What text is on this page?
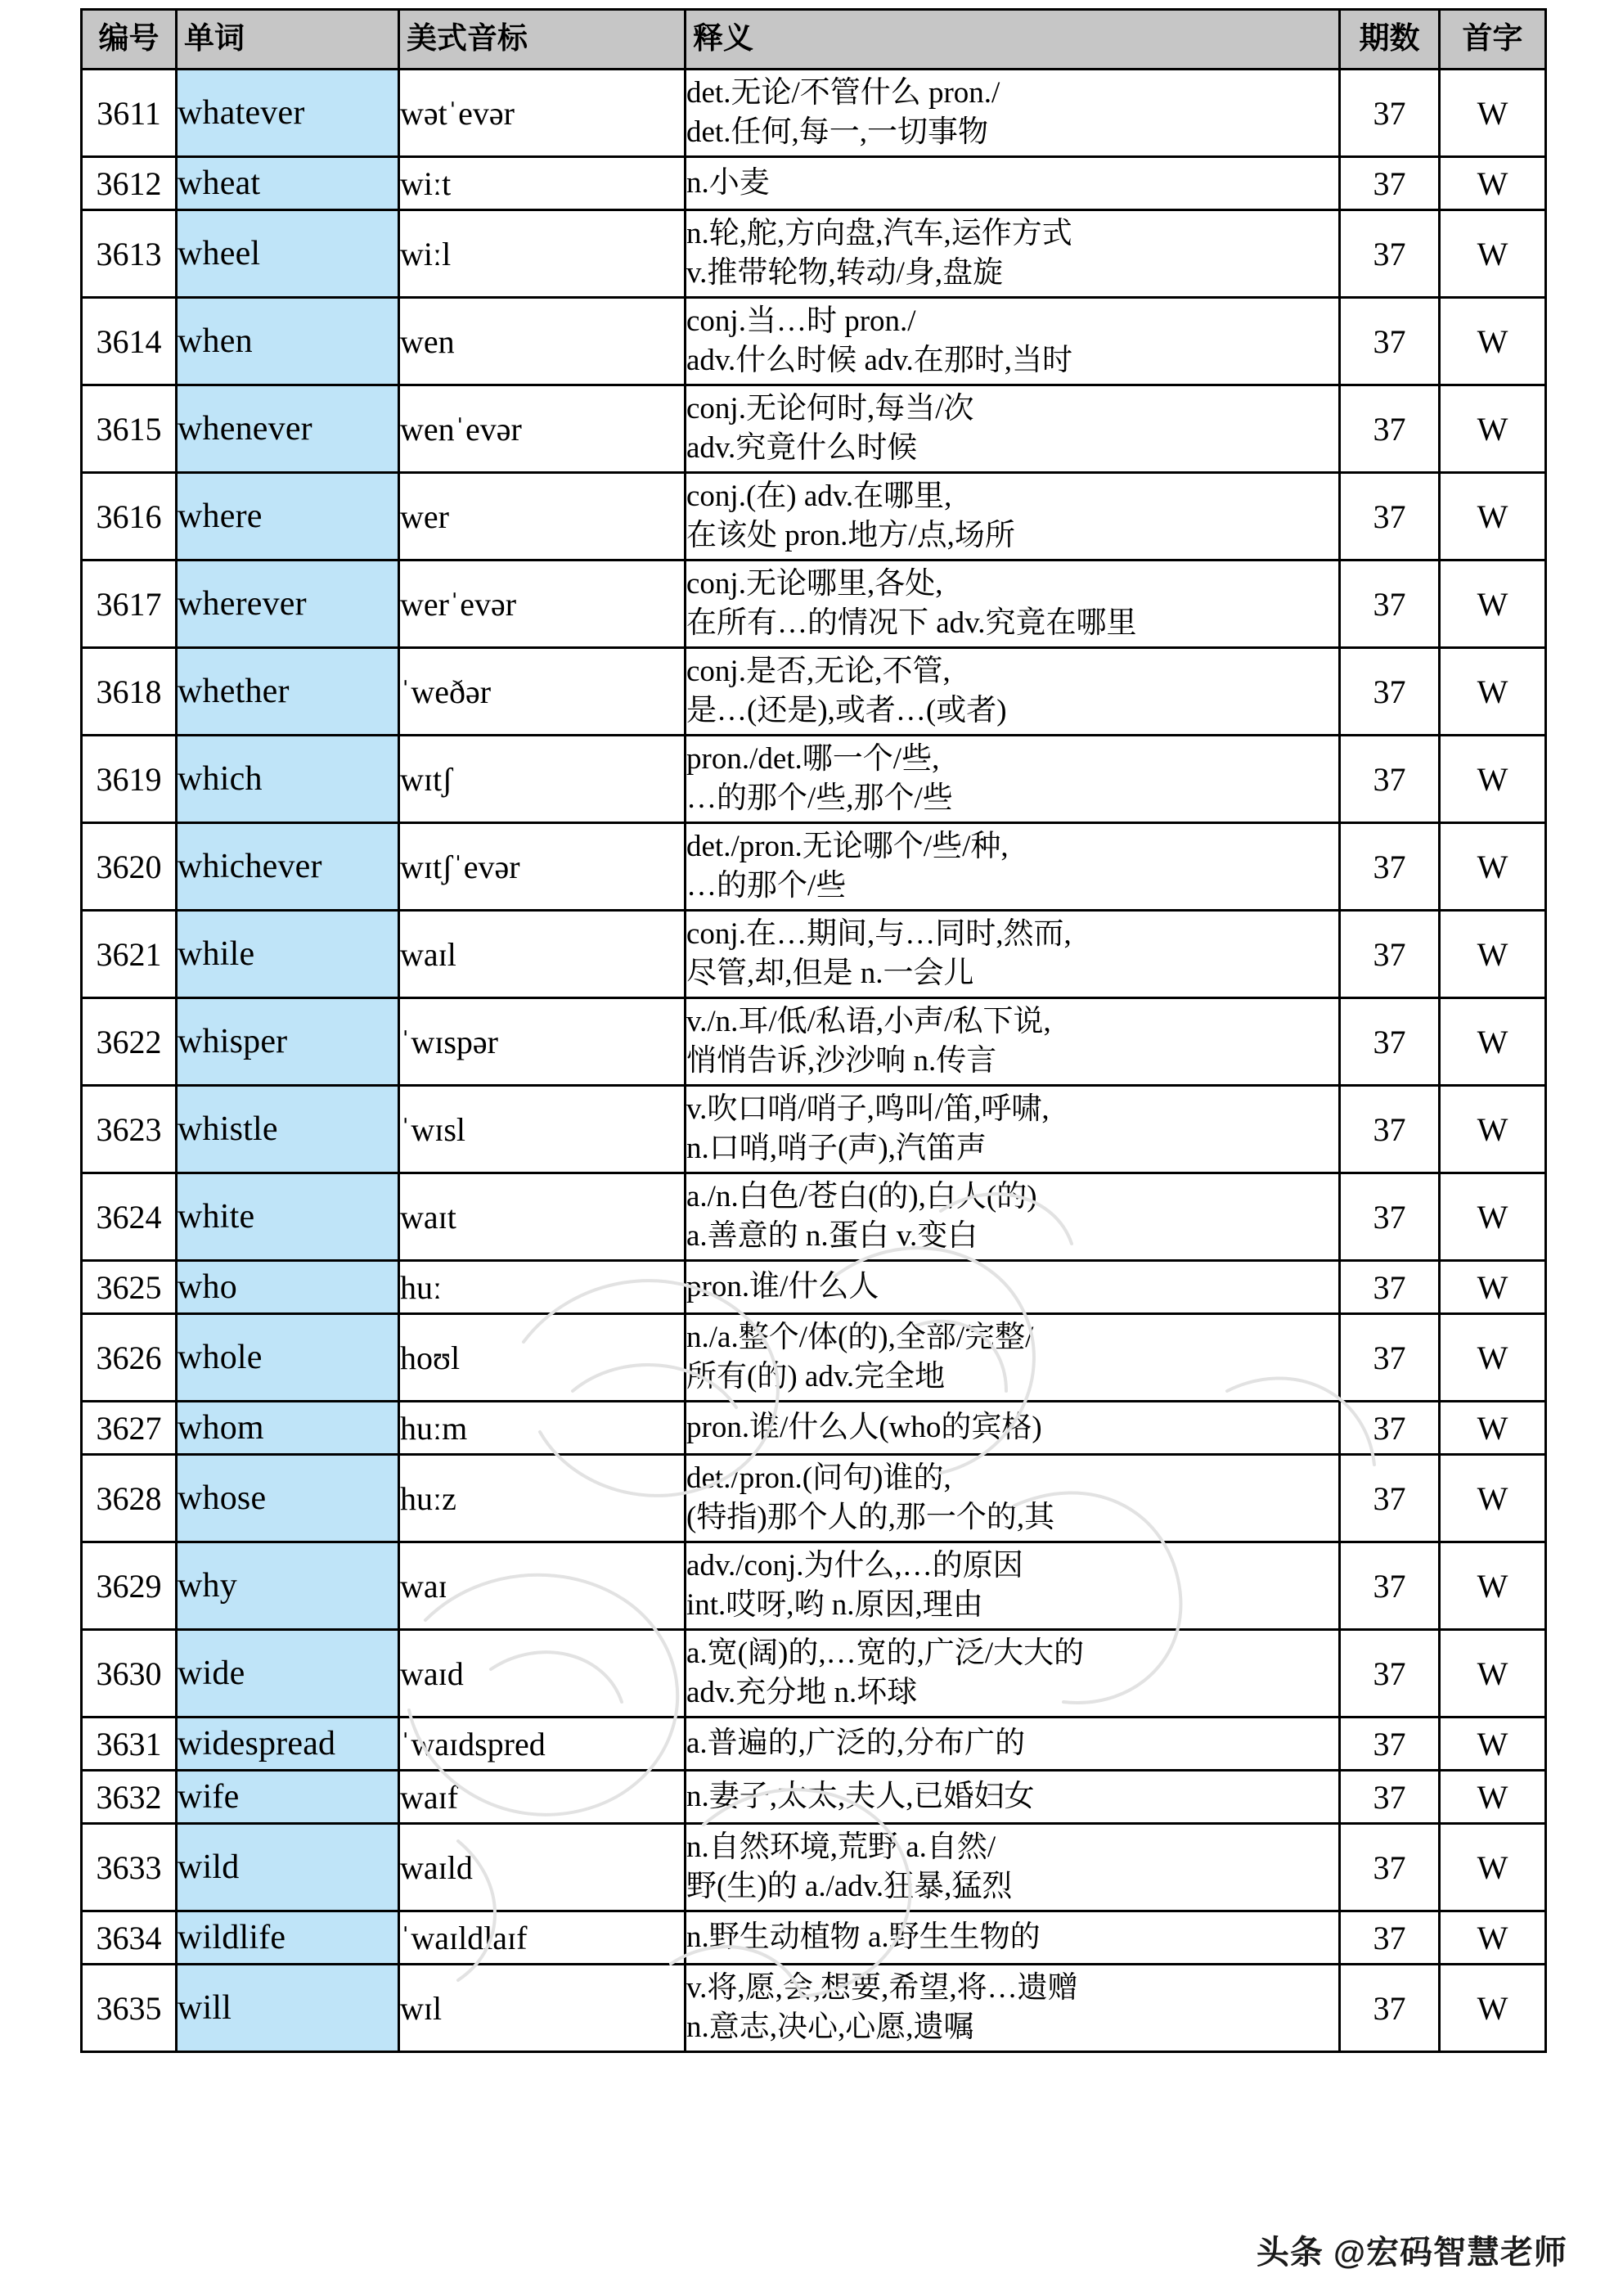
编号	单词	美式音标	释义	期数	首字
3611	whatever	wətˈevər	det.无论/不管什么 pron./
det.任何,每一,一切事物	37	W
3612	wheat	wiːt	n.小麦	37	W
3613	wheel	wiːl	n.轮,舵,方向盘,汽车,运作方式
v.推带轮物,转动/身,盘旋	37	W
3614	when	wen	conj.当…时 pron./
adv.什么时候 adv.在那时,当时	37	W
3615	whenever	wenˈevər	conj.无论何时,每当/次
adv.究竟什么时候	37	W
3616	where	wer	conj.(在) adv.在哪里,
在该处 pron.地方/点,场所	37	W
3617	wherever	werˈevər	conj.无论哪里,各处,
在所有…的情况下 adv.究竟在哪里	37	W
3618	whether	ˈweðər	conj.是否,无论,不管,
是…(还是),或者…(或者)	37	W
3619	which	wɪtʃ	pron./det.哪一个/些,
…的那个/些,那个/些	37	W
3620	whichever	wɪtʃˈevər	det./pron.无论哪个/些/种,
…的那个/些	37	W
3621	while	waɪl	conj.在…期间,与…同时,然而,
尽管,却,但是 n.一会儿	37	W
3622	whisper	ˈwɪspər	v./n.耳/低/私语,小声/私下说,
悄悄告诉,沙沙响 n.传言	37	W
3623	whistle	ˈwɪsl	v.吹口哨/哨子,鸣叫/笛,呼啸,
n.口哨,哨子(声),汽笛声	37	W
3624	white	waɪt	a./n.白色/苍白(的),白人(的)
a.善意的 n.蛋白 v.变白	37	W
3625	who	huː	pron.谁/什么人	37	W
3626	whole	hoʊl	n./a.整个/体(的),全部/完整/
所有(的) adv.完全地	37	W
3627	whom	huːm	pron.谁/什么人(who的宾格)	37	W
3628	whose	huːz	det./pron.(问句)谁的,
(特指)那个人的,那一个的,其	37	W
3629	why	waɪ	adv./conj.为什么,…的原因
int.哎呀,哟 n.原因,理由	37	W
3630	wide	waɪd	a.宽(阔)的,…宽的,广泛/大大的
adv.充分地 n.坏球	37	W
3631	widespread	ˈwaɪdspred	a.普遍的,广泛的,分布广的	37	W
3632	wife	waɪf	n.妻子,太太,夫人,已婚妇女	37	W
3633	wild	waɪld	n.自然环境,荒野 a.自然/
野(生)的 a./adv.狂暴,猛烈	37	W
3634	wildlife	ˈwaɪldlaɪf	n.野生动植物 a.野生生物的	37	W
3635	will	wɪl	v.将,愿,会,想要,希望,将…遗赠
n.意志,决心,心愿,遗嘱	37	W
头条 @宏码智慧老师
